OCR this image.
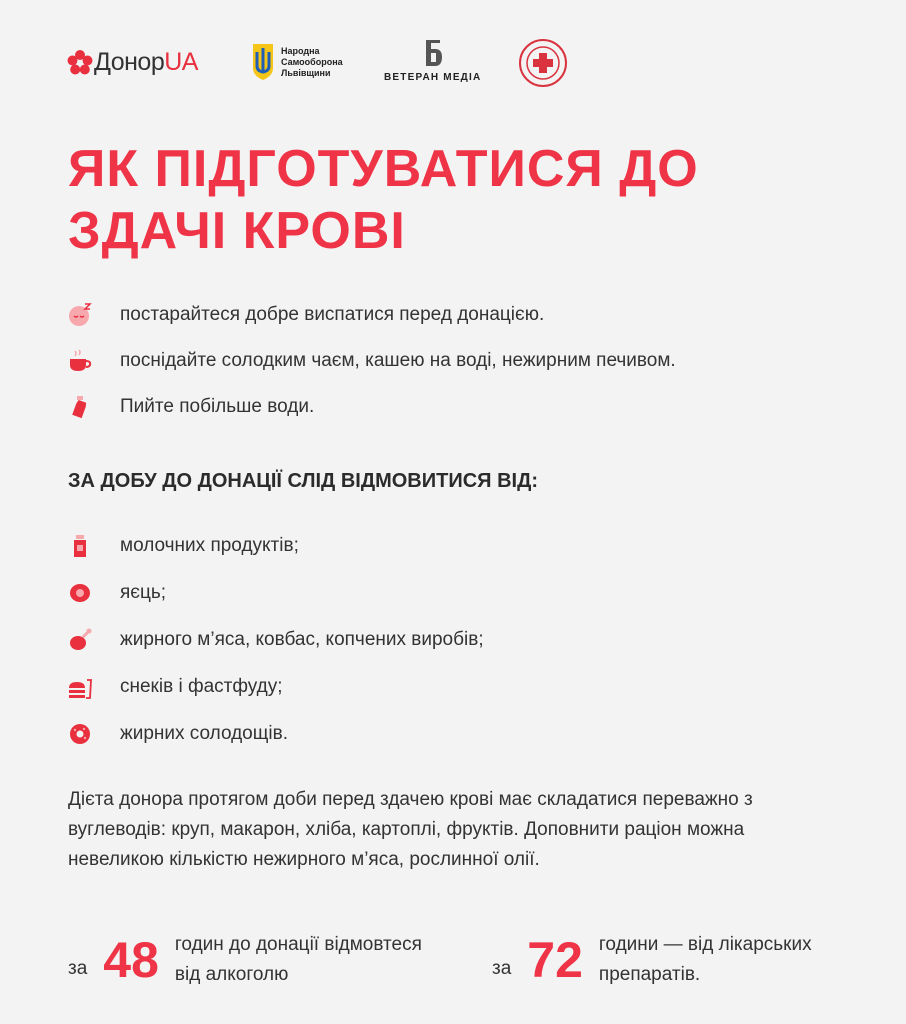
ДонорUA	Народна
Самооборона
Львівщини	ВЕТЕРАН МЕДІА
ЯК ПІДГОТУВАТИСЯ ДО ЗДАЧІ КРОВІ
постарайтеся добре виспатися перед донацією.
поснідайте солодким чаєм, кашею на воді, нежирним печивом.
Пийте побільше води.
ЗА ДОБУ ДО ДОНАЦІЇ СЛІД ВІДМОВИТИСЯ ВІД:
молочних продуктів;
яєць;
жирного м’яса, ковбас, копчених виробів;
снеків і фастфуду;
жирних солодощів.

Дієта донора протягом доби перед здачею крові має складатися переважно з вуглеводів: круп, макарон, хліба, картоплі, фруктів. Доповнити раціон можна невеликою кількістю нежирного м’яса, рослинної олії.

за 48 годин до донації відмовтеся від алкоголю	за 72 години — від лікарських препаратів.
